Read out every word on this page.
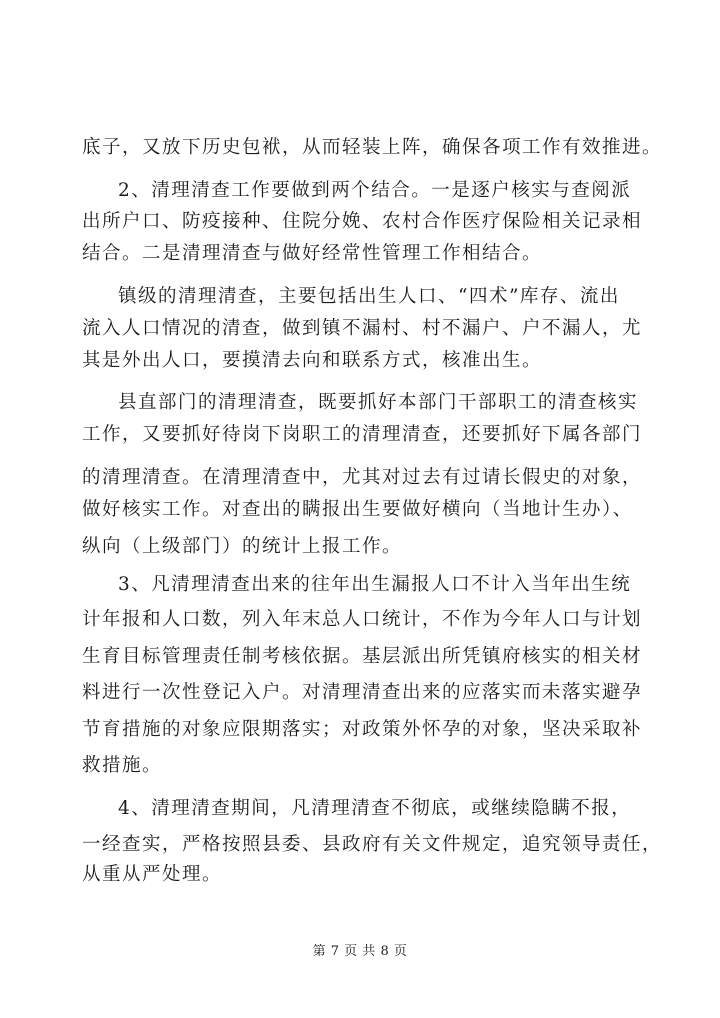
底子，又放下历史包袱，从而轻装上阵，确保各项工作有效推进。
2、清理清查工作要做到两个结合。一是逐户核实与查阅派
出所户口、防疫接种、住院分娩、农村合作医疗保险相关记录相
结合。二是清理清查与做好经常性管理工作相结合。
镇级的清理清查，主要包括出生人口、“四术”库存、流出
流入人口情况的清查，做到镇不漏村、村不漏户、户不漏人，尤
其是外出人口，要摸清去向和联系方式，核准出生。
县直部门的清理清查，既要抓好本部门干部职工的清查核实
工作，又要抓好待岗下岗职工的清理清查，还要抓好下属各部门
的清理清查。在清理清查中，尤其对过去有过请长假史的对象，
做好核实工作。对查出的瞒报出生要做好横向（当地计生办）、
纵向（上级部门）的统计上报工作。
3、凡清理清查出来的往年出生漏报人口不计入当年出生统
计年报和人口数，列入年末总人口统计，不作为今年人口与计划
生育目标管理责任制考核依据。基层派出所凭镇府核实的相关材
料进行一次性登记入户。对清理清查出来的应落实而未落实避孕
节育措施的对象应限期落实；对政策外怀孕的对象，坚决采取补
救措施。
4、清理清查期间，凡清理清查不彻底，或继续隐瞒不报，
一经查实，严格按照县委、县政府有关文件规定，追究领导责任，
从重从严处理。
第 7 页 共 8 页
